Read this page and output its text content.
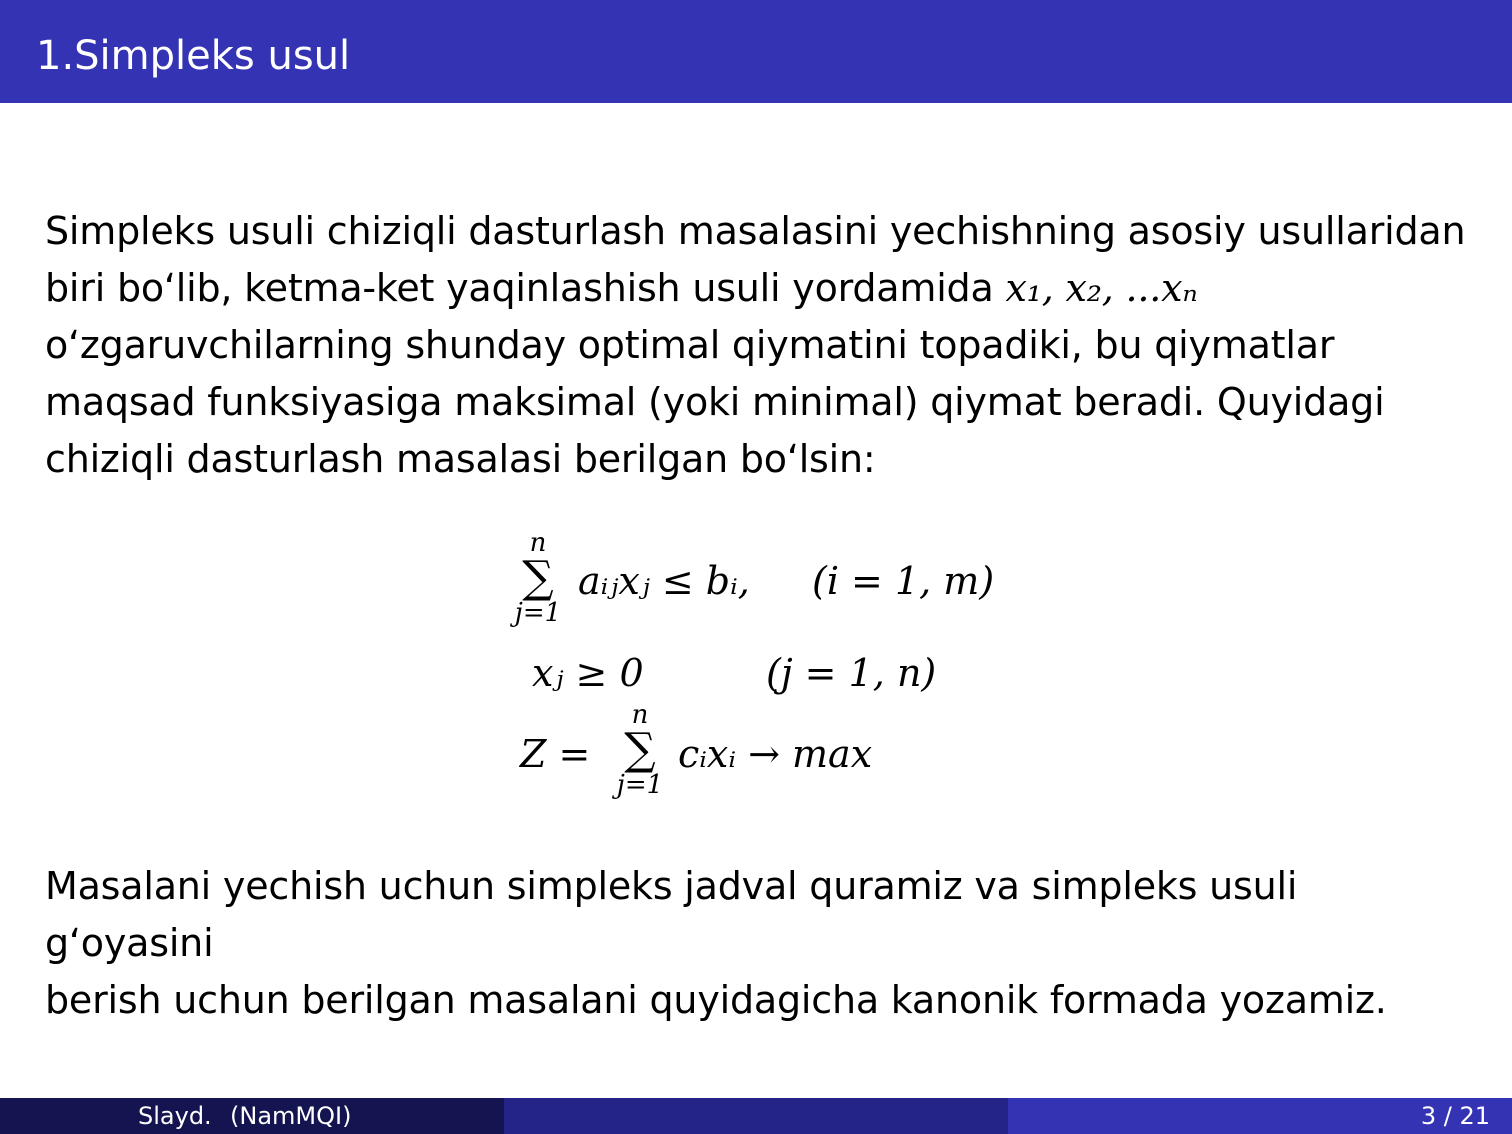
1.Simpleks usul
Simpleks usuli chiziqli dasturlash masalasini yechishning asosiy usullaridan
biri bo‘lib, ketma-ket yaqinlashish usuli yordamida x₁, x₂, ...xₙ
o‘zgaruvchilarning shunday optimal qiymatini topadiki, bu qiymatlar
maqsad funksiyasiga maksimal (yoki minimal) qiymat beradi. Quyidagi
chiziqli dasturlash masalasi berilgan bo‘lsin:
n
∑
j=1
aᵢⱼxⱼ ≤ bᵢ, (i = 1, m)
xⱼ ≥ 0	(j = 1, n)
Z =
n
∑
j=1
cᵢxᵢ → max
Masalani yechish uchun simpleks jadval quramiz va simpleks usuli g‘oyasini
berish uchun berilgan masalani quyidagicha kanonik formada yozamiz.
Slayd. (NamMQI)	3 / 21
